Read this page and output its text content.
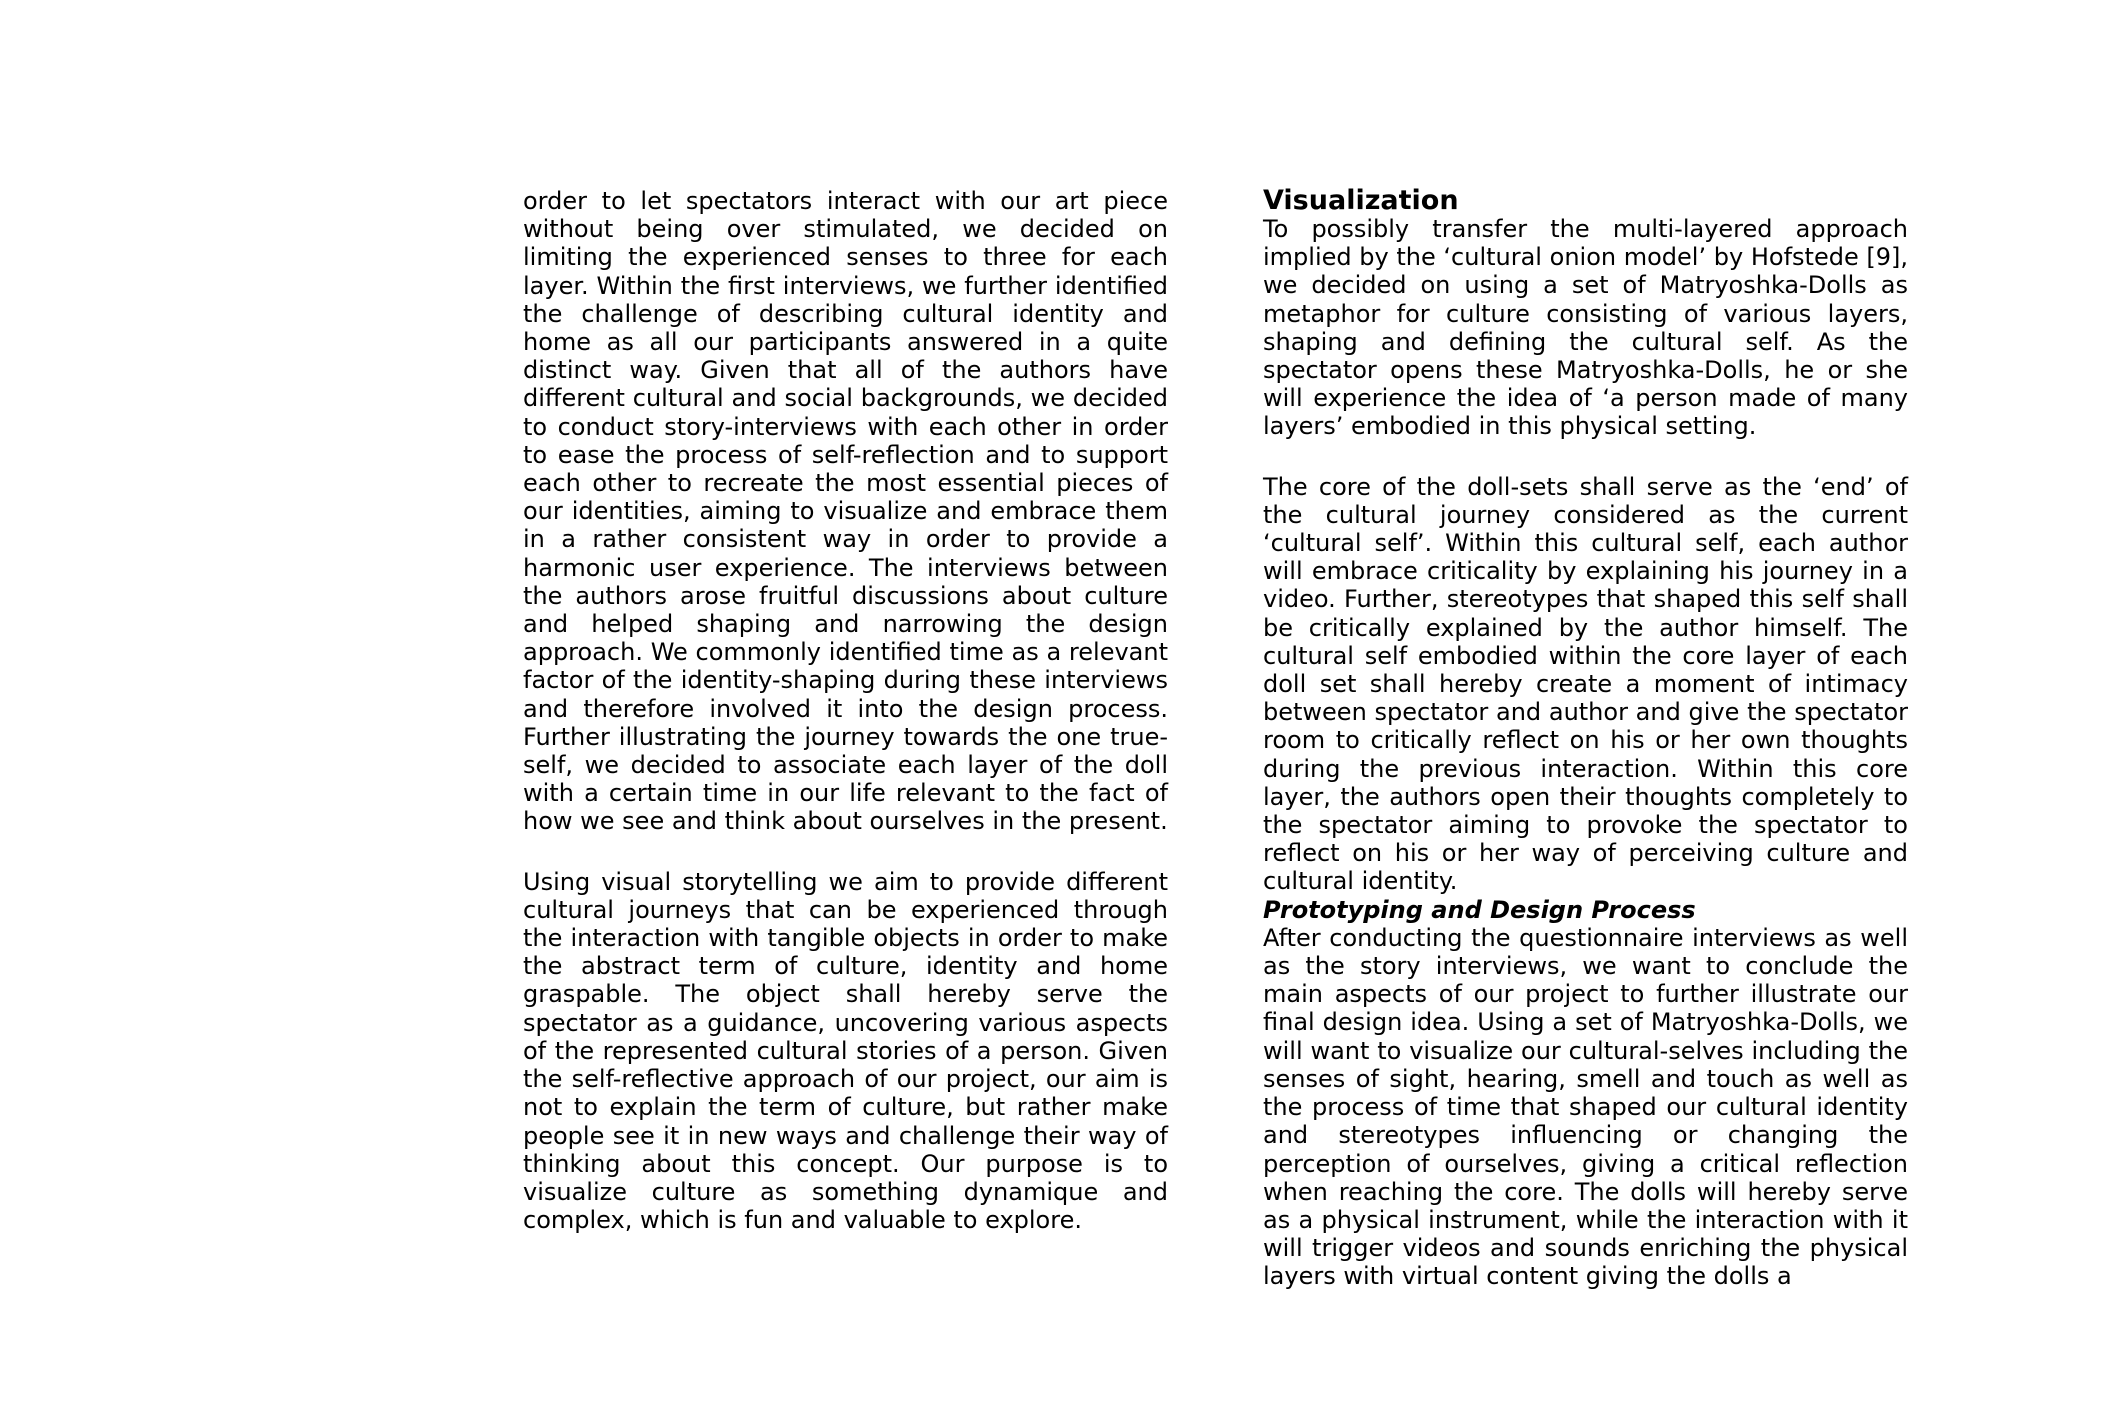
order to let spectators interact with our art piece without being over stimulated, we decided on limiting the experienced senses to three for each layer. Within the first interviews, we further identified the challenge of describing cultural identity and home as all our participants answered in a quite distinct way. Given that all of the authors have different cultural and social backgrounds, we decided to conduct story-interviews with each other in order to ease the process of self-reflection and to support each other to recreate the most essential pieces of our identities, aiming to visualize and embrace them in a rather consistent way in order to provide a harmonic user experience. The interviews between the authors arose fruitful discussions about culture and helped shaping and narrowing the design approach. We commonly identified time as a relevant factor of the identity-shaping during these interviews and therefore involved it into the design process. Further illustrating the journey towards the one true-self, we decided to associate each layer of the doll with a certain time in our life relevant to the fact of how we see and think about ourselves in the present.

Using visual storytelling we aim to provide different cultural journeys that can be experienced through the interaction with tangible objects in order to make the abstract term of culture, identity and home graspable. The object shall hereby serve the spectator as a guidance, uncovering various aspects of the represented cultural stories of a person. Given the self-reflective approach of our project, our aim is not to explain the term of culture, but rather make people see it in new ways and challenge their way of thinking about this concept. Our purpose is to visualize culture as something dynamique and complex, which is fun and valuable to explore.

Visualization

To possibly transfer the multi-layered approach implied by the ‘cultural onion model’ by Hofstede [9], we decided on using a set of Matryoshka-Dolls as metaphor for culture consisting of various layers, shaping and defining the cultural self. As the spectator opens these Matryoshka-Dolls, he or she will experience the idea of ‘a person made of many layers’ embodied in this physical setting.

The core of the doll-sets shall serve as the ‘end’ of the cultural journey considered as the current ‘cultural self’. Within this cultural self, each author will embrace criticality by explaining his journey in a video. Further, stereotypes that shaped this self shall be critically explained by the author himself. The cultural self embodied within the core layer of each doll set shall hereby create a moment of intimacy between spectator and author and give the spectator room to critically reflect on his or her own thoughts during the previous interaction. Within this core layer, the authors open their thoughts completely to the spectator aiming to provoke the spectator to reflect on his or her way of perceiving culture and cultural identity.

Prototyping and Design Process

After conducting the questionnaire interviews as well as the story interviews, we want to conclude the main aspects of our project to further illustrate our final design idea. Using a set of Matryoshka-Dolls, we will want to visualize our cultural-selves including the senses of sight, hearing, smell and touch as well as the process of time that shaped our cultural identity and stereotypes influencing or changing the perception of ourselves, giving a critical reflection when reaching the core. The dolls will hereby serve as a physical instrument, while the interaction with it will trigger videos and sounds enriching the physical layers with virtual content giving the dolls a
